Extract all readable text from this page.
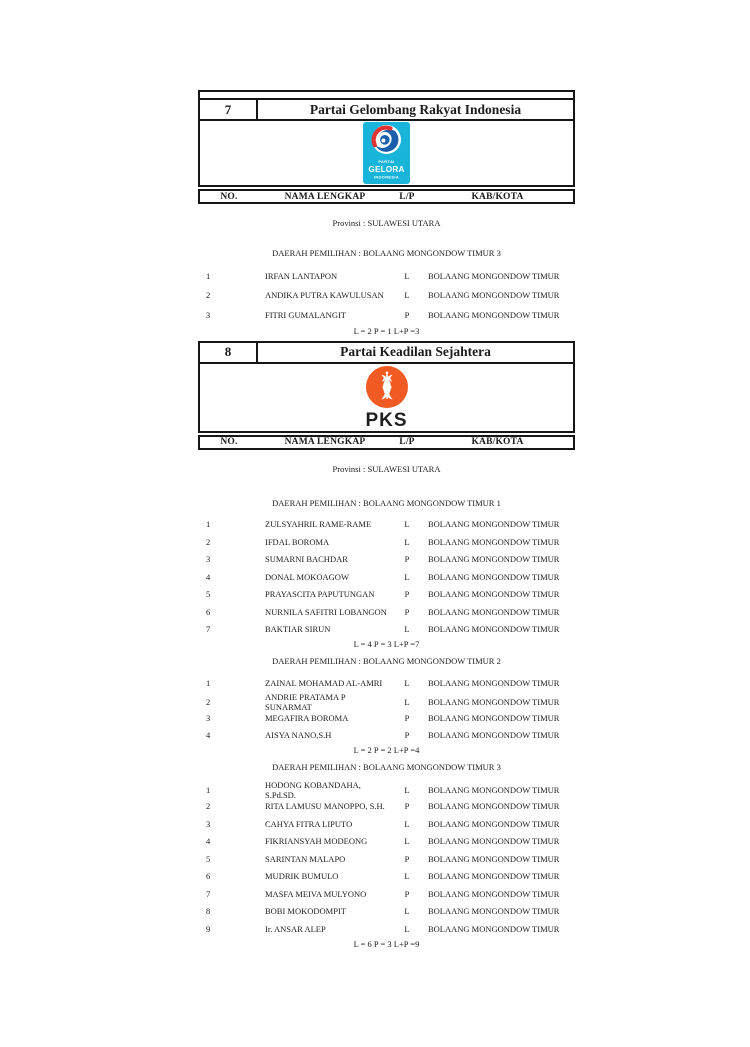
7	Partai Gelombang Rakyat Indonesia
PARTAI
GELORA
INDONESIA
NO.	NAMA LENGKAP	L/P	KAB/KOTA
Provinsi : SULAWESI UTARA
DAERAH PEMILIHAN : BOLAANG MONGONDOW TIMUR 3
1	IRFAN LANTAPON	L	BOLAANG MONGONDOW TIMUR
2	ANDIKA PUTRA KAWULUSAN	L	BOLAANG MONGONDOW TIMUR
3	FITRI GUMALANGIT	P	BOLAANG MONGONDOW TIMUR
L = 2 P = 1 L+P =3
8	Partai Keadilan Sejahtera
PKS
NO.	NAMA LENGKAP	L/P	KAB/KOTA
Provinsi : SULAWESI UTARA
DAERAH PEMILIHAN : BOLAANG MONGONDOW TIMUR 1
1	ZULSYAHRIL RAME-RAME	L	BOLAANG MONGONDOW TIMUR
2	IFDAL BOROMA	L	BOLAANG MONGONDOW TIMUR
3	SUMARNI BACHDAR	P	BOLAANG MONGONDOW TIMUR
4	DONAL MOKOAGOW	L	BOLAANG MONGONDOW TIMUR
5	PRAYASCITA PAPUTUNGAN	P	BOLAANG MONGONDOW TIMUR
6	NURNILA SAFITRI LOBANGON	P	BOLAANG MONGONDOW TIMUR
7	BAKTIAR SIRUN	L	BOLAANG MONGONDOW TIMUR
L = 4 P = 3 L+P =7
DAERAH PEMILIHAN : BOLAANG MONGONDOW TIMUR 2
1	ZAINAL MOHAMAD AL-AMRI	L	BOLAANG MONGONDOW TIMUR
2	ANDRIE PRATAMA P SUNARMAT	L	BOLAANG MONGONDOW TIMUR
3	MEGAFIRA BOROMA	P	BOLAANG MONGONDOW TIMUR
4	AISYA NANO,S.H	P	BOLAANG MONGONDOW TIMUR
L = 2 P = 2 L+P =4
DAERAH PEMILIHAN : BOLAANG MONGONDOW TIMUR 3
1	HODONG KOBANDAHA, S.Pd.SD.	L	BOLAANG MONGONDOW TIMUR
2	RITA LAMUSU MANOPPO, S.H.	P	BOLAANG MONGONDOW TIMUR
3	CAHYA FITRA LIPUTO	L	BOLAANG MONGONDOW TIMUR
4	FIKRIANSYAH MODEONG	L	BOLAANG MONGONDOW TIMUR
5	SARINTAN MALAPO	P	BOLAANG MONGONDOW TIMUR
6	MUDRIK BUMULO	L	BOLAANG MONGONDOW TIMUR
7	MASFA MEIVA MULYONO	P	BOLAANG MONGONDOW TIMUR
8	BOBI MOKODOMPIT	L	BOLAANG MONGONDOW TIMUR
9	Ir. ANSAR ALEP	L	BOLAANG MONGONDOW TIMUR
L = 6 P = 3 L+P =9
